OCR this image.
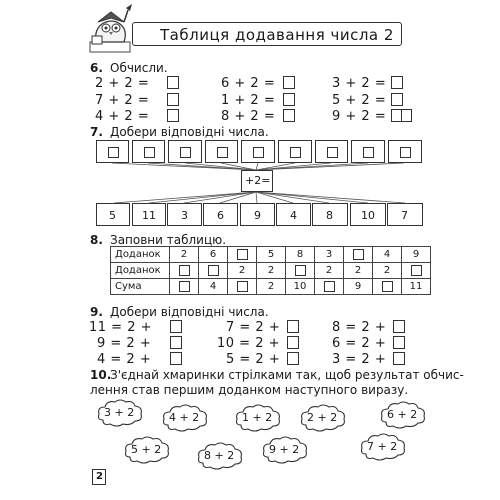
Таблиця додавання числа 2
6. Обчисли.
2 + 2 =
7 + 2 =
4 + 2 =
6 + 2 =
1 + 2 =
8 + 2 =
3 + 2 =
5 + 2 =
9 + 2 =
7. Добери відповідні числа.
+2=
5 11 3	6	9	4	8	10 7
8. Заповни таблицю.
Доданок	2	6		5	8	3		4	9
Доданок			2	2		2	2	2	
Сума		4		2	10		9		11
9. Добери відповідні числа.
11 = 2 +
9 = 2 +
4 = 2 +
7 = 2 +
10 = 2 +
5 = 2 +
8 = 2 +
6 = 2 +
3 = 2 +
10.
З'єднай хмаринки стрілками так, щоб результат обчис-
лення став першим доданком наступного виразу.
3 + 2	4 + 2	1 + 2	2 + 2	6 + 2
5 + 2	8 + 2	9 + 2	7 + 2
2
